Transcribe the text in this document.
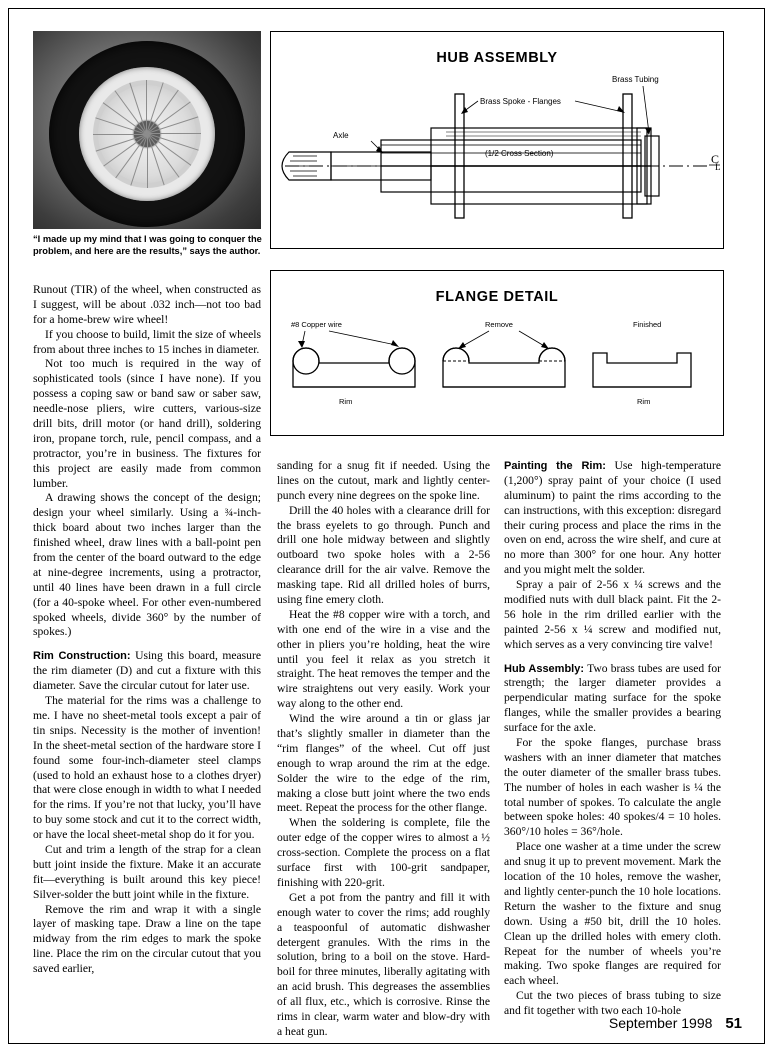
“I made up my mind that I was going to conquer the problem, and here are the results,” says the author.
HUB ASSEMBLY
Axle
Brass Spoke - Flanges
Brass Tubing
(1/2 Cross Section)	C
L
FLANGE DETAIL
#8 Copper wire
Rim
Remove	Finished
Rim

Runout (TIR) of the wheel, when constructed as I suggest, will be about .032 inch—not too bad for a home-brew wire wheel!

If you choose to build, limit the size of wheels from about three inches to 15 inches in diameter.

Not too much is required in the way of sophisticated tools (since I have none). If you possess a coping saw or band saw or saber saw, needle-nose pliers, wire cutters, various-size drill bits, drill motor (or hand drill), soldering iron, propane torch, rule, pencil compass, and a protractor, you’re in business. The fixtures for this project are easily made from common lumber.

A drawing shows the concept of the design; design your wheel similarly. Using a ¾-inch-thick board about two inches larger than the finished wheel, draw lines with a ball-point pen from the center of the board outward to the edge at nine-degree increments, using a protractor, until 40 lines have been drawn in a full circle (for a 40-spoke wheel. For other even-numbered spoked wheels, divide 360° by the number of spokes.)

Rim Construction: Using this board, measure the rim diameter (D) and cut a fixture with this diameter. Save the circular cutout for later use.

The material for the rims was a challenge to me. I have no sheet-metal tools except a pair of tin snips. Necessity is the mother of invention! In the sheet-metal section of the hardware store I found some four-inch-diameter steel clamps (used to hold an exhaust hose to a clothes dryer) that were close enough in width to what I needed for the rims. If you’re not that lucky, you’ll have to buy some stock and cut it to the correct width, or have the local sheet-metal shop do it for you.

Cut and trim a length of the strap for a clean butt joint inside the fixture. Make it an accurate fit—everything is built around this key piece! Silver-solder the butt joint while in the fixture.

Remove the rim and wrap it with a single layer of masking tape. Draw a line on the tape midway from the rim edges to mark the spoke line. Place the rim on the circular cutout that you saved earlier,

sanding for a snug fit if needed. Using the lines on the cutout, mark and lightly center-punch every nine degrees on the spoke line.

Drill the 40 holes with a clearance drill for the brass eyelets to go through. Punch and drill one hole midway between and slightly outboard two spoke holes with a 2-56 clearance drill for the air valve. Remove the masking tape. Rid all drilled holes of burrs, using fine emery cloth.

Heat the #8 copper wire with a torch, and with one end of the wire in a vise and the other in pliers you’re holding, heat the wire until you feel it relax as you stretch it straight. The heat removes the temper and the wire straightens out very easily. Work your way along to the other end.

Wind the wire around a tin or glass jar that’s slightly smaller in diameter than the “rim flanges” of the wheel. Cut off just enough to wrap around the rim at the edge. Solder the wire to the edge of the rim, making a close butt joint where the two ends meet. Repeat the process for the other flange.

When the soldering is complete, file the outer edge of the copper wires to almost a ½ cross-section. Complete the process on a flat surface first with 100-grit sandpaper, finishing with 220-grit.

Get a pot from the pantry and fill it with enough water to cover the rims; add roughly a teaspoonful of automatic dishwasher detergent granules. With the rims in the solution, bring to a boil on the stove. Hard-boil for three minutes, liberally agitating with an acid brush. This degreases the assemblies of all flux, etc., which is corrosive. Rinse the rims in clear, warm water and blow-dry with a heat gun.

Painting the Rim: Use high-temperature (1,200°) spray paint of your choice (I used aluminum) to paint the rims according to the can instructions, with this exception: disregard their curing process and place the rims in the oven on end, across the wire shelf, and cure at no more than 300° for one hour. Any hotter and you might melt the solder.

Spray a pair of 2-56 x ¼ screws and the modified nuts with dull black paint. Fit the 2-56 hole in the rim drilled earlier with the painted 2-56 x ¼ screw and modified nut, which serves as a very convincing tire valve!

Hub Assembly: Two brass tubes are used for strength; the larger diameter provides a perpendicular mating surface for the spoke flanges, while the smaller provides a bearing surface for the axle.

For the spoke flanges, purchase brass washers with an inner diameter that matches the outer diameter of the smaller brass tubes. The number of holes in each washer is ¼ the total number of spokes. To calculate the angle between spoke holes: 40 spokes/4 = 10 holes. 360°/10 holes = 36°/hole.

Place one washer at a time under the screw and snug it up to prevent movement. Mark the location of the 10 holes, remove the washer, and lightly center-punch the 10 hole locations. Return the washer to the fixture and snug down. Using a #50 bit, drill the 10 holes. Clean up the drilled holes with emery cloth. Repeat for the number of wheels you’re making. Two spoke flanges are required for each wheel.

Cut the two pieces of brass tubing to size and fit together with two each 10-hole

September 1998 51
